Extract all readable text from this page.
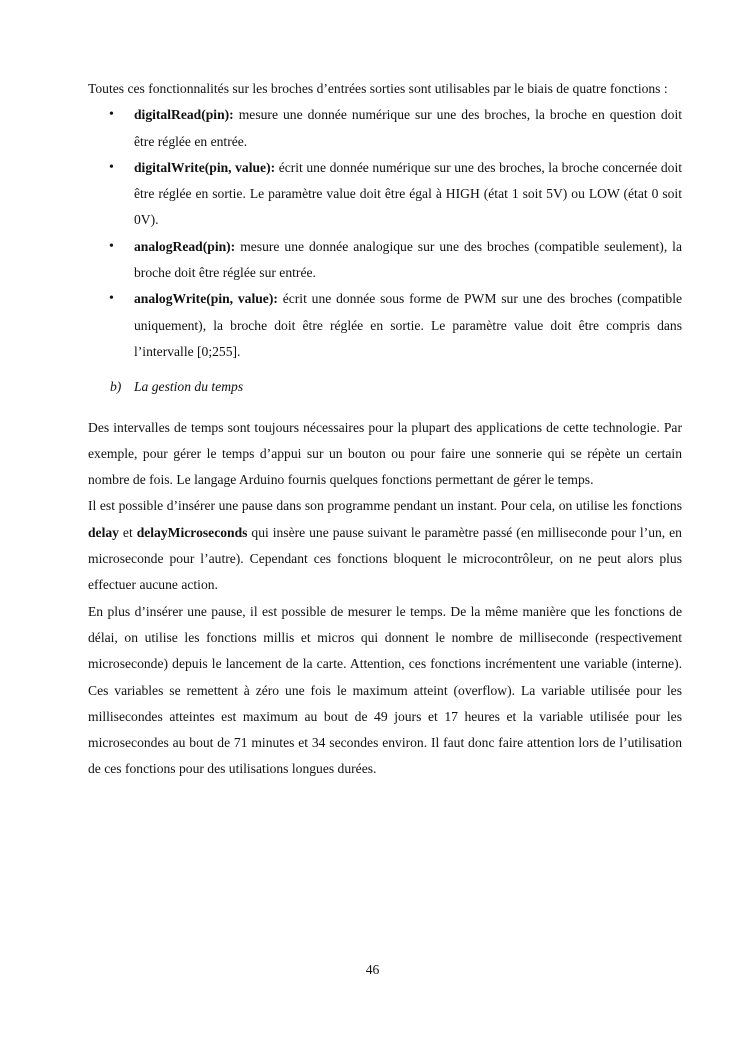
Toutes ces fonctionnalités sur les broches d’entrées sorties sont utilisables par le biais de quatre fonctions :

• digitalRead(pin): mesure une donnée numérique sur une des broches, la broche en question doit être réglée en entrée.
• digitalWrite(pin, value): écrit une donnée numérique sur une des broches, la broche concernée doit être réglée en sortie. Le paramètre value doit être égal à HIGH (état 1 soit 5V) ou LOW (état 0 soit 0V).
• analogRead(pin): mesure une donnée analogique sur une des broches (compatible seulement), la broche doit être réglée sur entrée.
• analogWrite(pin, value): écrit une donnée sous forme de PWM sur une des broches (compatible uniquement), la broche doit être réglée en sortie. Le paramètre value doit être compris dans l’intervalle [0;255].

b) La gestion du temps

Des intervalles de temps sont toujours nécessaires pour la plupart des applications de cette technologie. Par exemple, pour gérer le temps d’appui sur un bouton ou pour faire une sonnerie qui se répète un certain nombre de fois. Le langage Arduino fournis quelques fonctions permettant de gérer le temps.

Il est possible d’insérer une pause dans son programme pendant un instant. Pour cela, on utilise les fonctions delay et delayMicroseconds qui insère une pause suivant le paramètre passé (en milliseconde pour l’un, en microseconde pour l’autre). Cependant ces fonctions bloquent le microcontrôleur, on ne peut alors plus effectuer aucune action.

En plus d’insérer une pause, il est possible de mesurer le temps. De la même manière que les fonctions de délai, on utilise les fonctions millis et micros qui donnent le nombre de milliseconde (respectivement microseconde) depuis le lancement de la carte. Attention, ces fonctions incrémentent une variable (interne). Ces variables se remettent à zéro une fois le maximum atteint (overflow). La variable utilisée pour les millisecondes atteintes est maximum au bout de 49 jours et 17 heures et la variable utilisée pour les microsecondes au bout de 71 minutes et 34 secondes environ. Il faut donc faire attention lors de l’utilisation de ces fonctions pour des utilisations longues durées.

46
